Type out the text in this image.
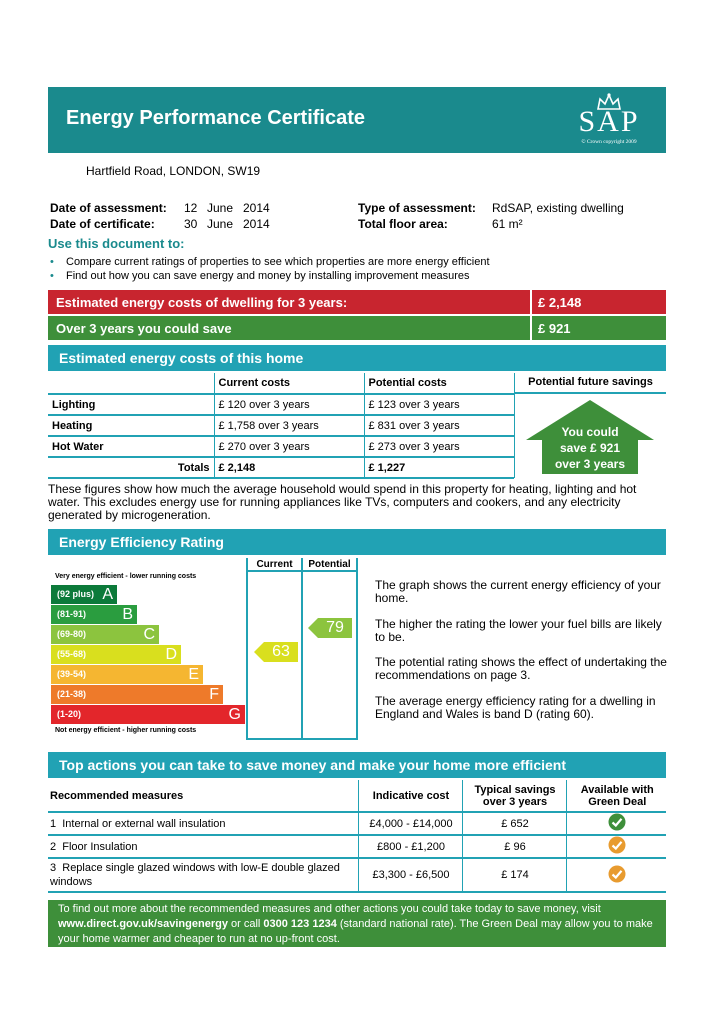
Energy Performance Certificate	SAP
© Crown copyright 2009
Hartfield Road, LONDON, SW19
Date of assessment: 12 June 2014
Date of certificate: 30 June 2014
Type of assessment: RdSAP, existing dwelling
Total floor area:	61 m²
Use this document to:
• Compare current ratings of properties to see which properties are more energy efficient
• Find out how you can save energy and money by installing improvement measures
Estimated energy costs of dwelling for 3 years:	£ 2,148
Over 3 years you could save	£ 921
Estimated energy costs of this home
	Current costs	Potential costs
Lighting	£ 120 over 3 years	£ 123 over 3 years
Heating	£ 1,758 over 3 years	£ 831 over 3 years
Hot Water	£ 270 over 3 years	£ 273 over 3 years
Totals	£ 2,148	£ 1,227
Potential future savings
You could
save £ 921
over 3 years
These figures show how much the average household would spend in this property for heating, lighting and hot water. This excludes energy use for running appliances like TVs, computers and cookers, and any electricity generated by microgeneration.
Energy Efficiency Rating
Very energy efficient - lower running costs
(92 plus) A
(81-91) B
(69-80)	C
(55-68)	D
(39-54)	E
(21-38)	F
(1-20)	G
Not energy efficient - higher running costs
Current	Potential
63
79
The graph shows the current energy efficiency of your home.
The higher the rating the lower your fuel bills are likely to be.
The potential rating shows the effect of undertaking the recommendations on page 3.
The average energy efficiency rating for a dwelling in England and Wales is band D (rating 60).
Top actions you can take to save money and make your home more efficient
Recommended measures	Indicative cost	Typical savings over 3 years	Available with Green Deal
1 Internal or external wall insulation	£4,000 - £14,000	£ 652	
2 Floor Insulation	£800 - £1,200	£ 96	
3 Replace single glazed windows with low-E double glazed windows	£3,300 - £6,500	£ 174	
To find out more about the recommended measures and other actions you could take today to save money, visit www.direct.gov.uk/savingenergy or call 0300 123 1234 (standard national rate). The Green Deal may allow you to make your home warmer and cheaper to run at no up-front cost.
